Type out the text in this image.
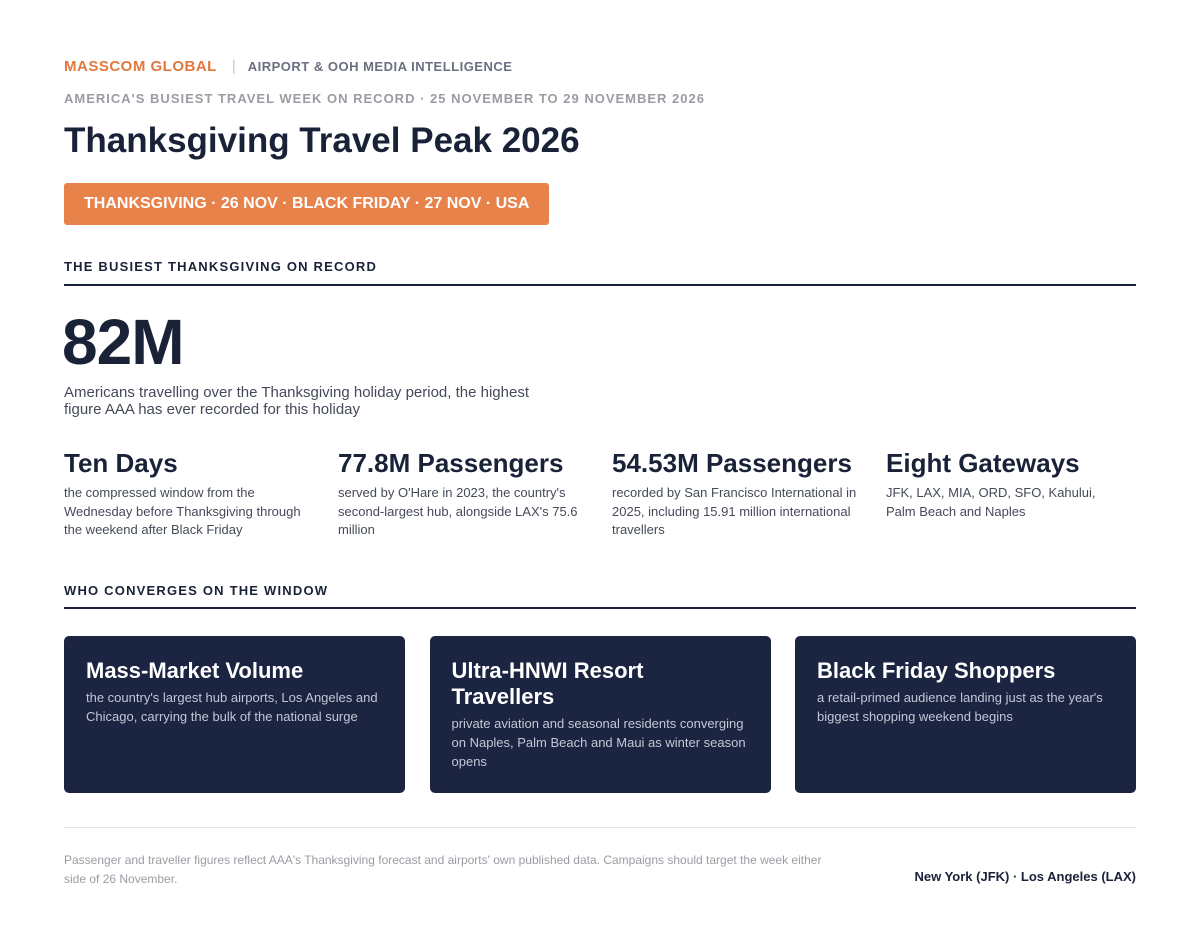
MASSCOM GLOBAL | AIRPORT & OOH MEDIA INTELLIGENCE
AMERICA'S BUSIEST TRAVEL WEEK ON RECORD · 25 NOVEMBER TO 29 NOVEMBER 2026
Thanksgiving Travel Peak 2026
THANKSGIVING · 26 NOV · BLACK FRIDAY · 27 NOV · USA
THE BUSIEST THANKSGIVING ON RECORD
82M

Americans travelling over the Thanksgiving holiday period, the highest figure AAA has ever recorded for this holiday

Ten Days

the compressed window from the Wednesday before Thanksgiving through the weekend after Black Friday

77.8M Passengers

served by O'Hare in 2023, the country's second-largest hub, alongside LAX's 75.6 million

54.53M Passengers

recorded by San Francisco International in 2025, including 15.91 million international travellers

Eight Gateways

JFK, LAX, MIA, ORD, SFO, Kahului, Palm Beach and Naples

WHO CONVERGES ON THE WINDOW
Mass-Market Volume

the country's largest hub airports, Los Angeles and Chicago, carrying the bulk of the national surge

Ultra-HNWI Resort Travellers

private aviation and seasonal residents converging on Naples, Palm Beach and Maui as winter season opens

Black Friday Shoppers

a retail-primed audience landing just as the year's biggest shopping weekend begins

Passenger and traveller figures reflect AAA's Thanksgiving forecast and airports' own published data. Campaigns should target the week either side of 26 November.	New York (JFK) · Los Angeles (LAX)
